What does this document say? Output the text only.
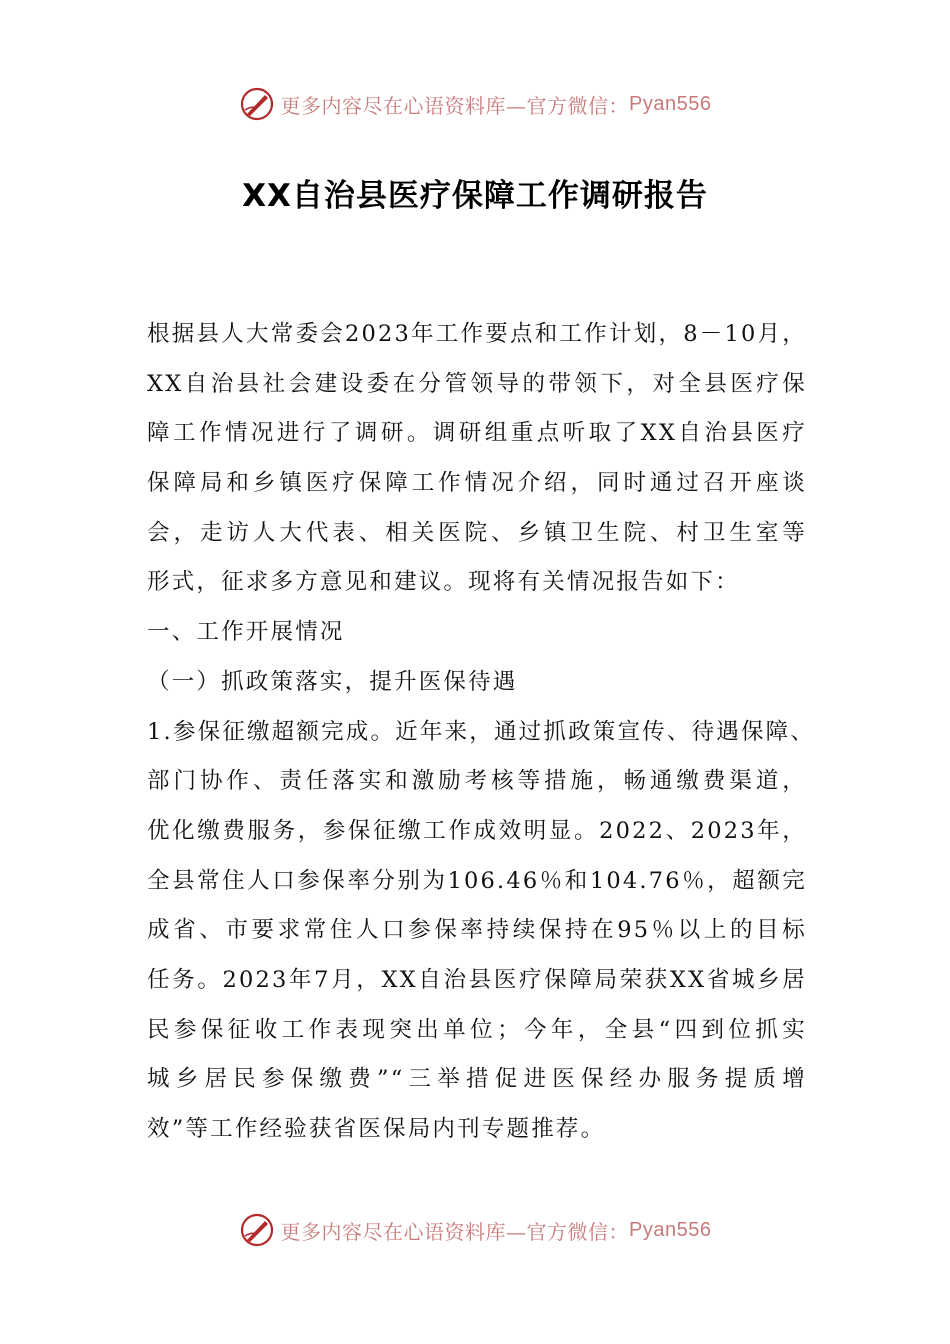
更多内容尽在心语资料库—官方微信： Pyan556
XX自治县医疗保障工作调研报告
根据县人大常委会2023年工作要点和工作计划，8－10月，
XX自治县社会建设委在分管领导的带领下，对全县医疗保
障工作情况进行了调研。调研组重点听取了XX自治县医疗
保障局和乡镇医疗保障工作情况介绍，同时通过召开座谈
会，走访人大代表、相关医院、乡镇卫生院、村卫生室等
形式，征求多方意见和建议。现将有关情况报告如下：
一、工作开展情况
（一）抓政策落实，提升医保待遇
1.参保征缴超额完成。近年来，通过抓政策宣传、待遇保障、
部门协作、责任落实和激励考核等措施，畅通缴费渠道，
优化缴费服务，参保征缴工作成效明显。2022、2023年，
全县常住人口参保率分别为106.46％和104.76％，超额完
成省、市要求常住人口参保率持续保持在95％以上的目标
任务。2023年7月，XX自治县医疗保障局荣获XX省城乡居
民参保征收工作表现突出单位；今年，全县“四到位抓实
城乡居民参保缴费”“三举措促进医保经办服务提质增
效”等工作经验获省医保局内刊专题推荐。
更多内容尽在心语资料库—官方微信： Pyan556
